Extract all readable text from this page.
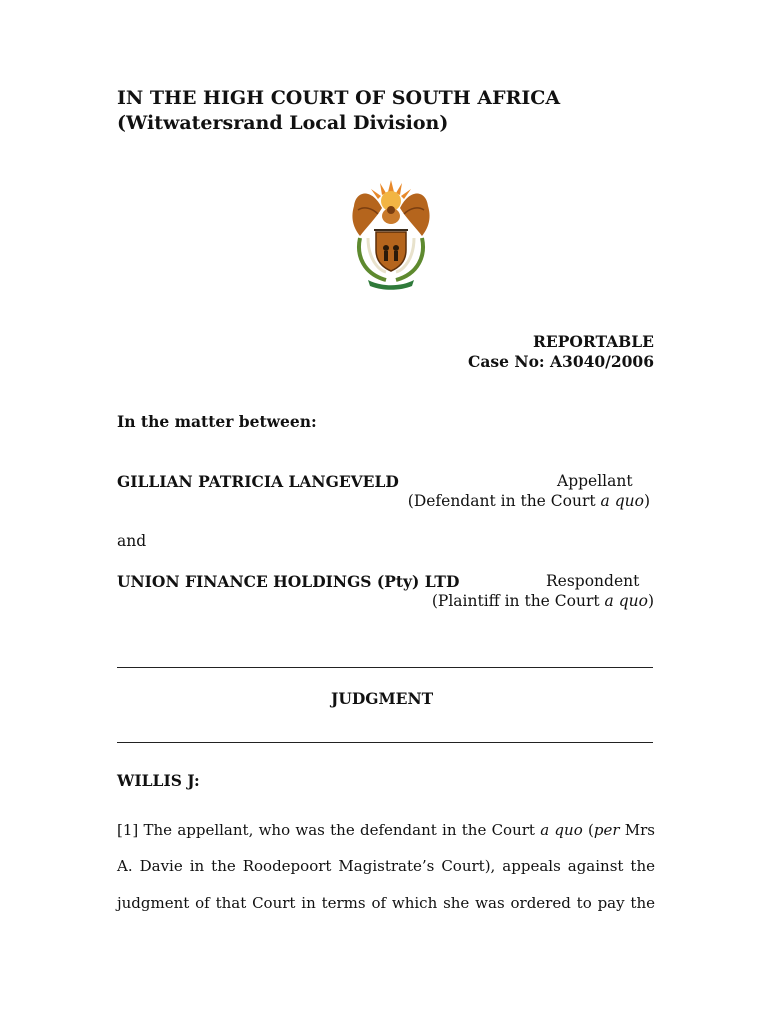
IN THE HIGH COURT OF SOUTH AFRICA
(Witwatersrand Local Division)
REPORTABLE
Case No: A3040/2006
In the matter between:
GILLIAN PATRICIA LANGEVELD	Appellant
(Defendant in the Court a quo)
and
UNION FINANCE HOLDINGS (Pty) LTD	Respondent
(Plaintiff in the Court a quo)
JUDGMENT
WILLIS J:
[1] The appellant, who was the defendant in the Court a quo (per Mrs
A. Davie in the Roodepoort Magistrate’s Court), appeals against the
judgment of that Court in terms of which she was ordered to pay the
